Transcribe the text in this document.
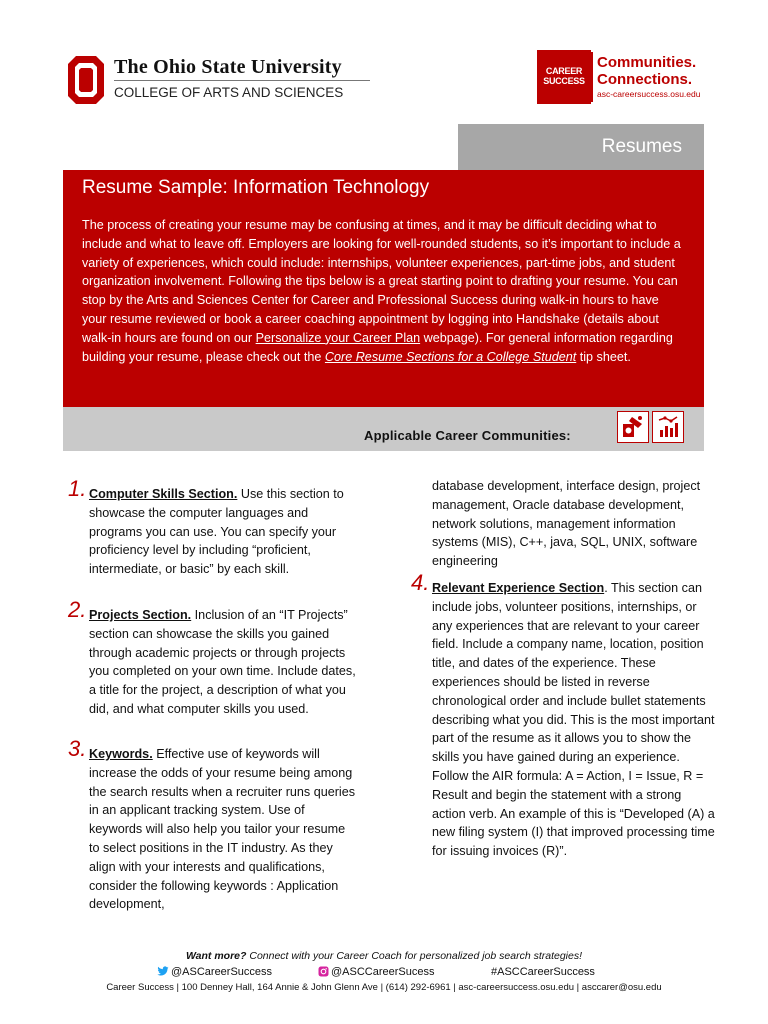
The Ohio State University
COLLEGE OF ARTS AND SCIENCES
CAREER
SUCCESS
Communities.
Connections.
asc-careersuccess.osu.edu
Resumes
Resume Sample: Information Technology
The process of creating your resume may be confusing at times, and it may be difficult deciding what to include and what to leave off. Employers are looking for well-rounded students, so it’s important to include a variety of experiences, which could include: internships, volunteer experiences, part-time jobs, and student organization involvement. Following the tips below is a great starting point to drafting your resume. You can stop by the Arts and Sciences Center for Career and Professional Success during walk-in hours to have your resume reviewed or book a career coaching appointment by logging into Handshake (details about walk-in hours are found on our Personalize your Career Plan webpage). For general information regarding building your resume, please check out the Core Resume Sections for a College Student tip sheet.
Applicable Career Communities:
1. Computer Skills Section. Use this section to showcase the computer languages and programs you can use. You can specify your proficiency level by including “proficient, intermediate, or basic” by each skill.
2. Projects Section. Inclusion of an “IT Projects” section can showcase the skills you gained through academic projects or through projects you completed on your own time. Include dates, a title for the project, a description of what you did, and what computer skills you used.
3. Keywords. Effective use of keywords will increase the odds of your resume being among the search results when a recruiter runs queries in an applicant tracking system. Use of keywords will also help you tailor your resume to select positions in the IT industry. As they align with your interests and qualifications, consider the following keywords : Application development,
database development, interface design, project management, Oracle database development, network solutions, management information systems (MIS), C++, java, SQL, UNIX, software engineering
4. Relevant Experience Section. This section can include jobs, volunteer positions, internships, or any experiences that are relevant to your career field. Include a company name, location, position title, and dates of the experience. These experiences should be listed in reverse chronological order and include bullet statements describing what you did. This is the most important part of the resume as it allows you to show the skills you have gained during an experience. Follow the AIR formula: A = Action, I = Issue, R = Result and begin the statement with a strong action verb. An example of this is “Developed (A) a new filing system (I) that improved processing time for issuing invoices (R)”.
Want more? Connect with your Career Coach for personalized job search strategies!
@ASCareerSuccess	@ASCCareerSucess	#ASCCareerSuccess
Career Success | 100 Denney Hall, 164 Annie & John Glenn Ave | (614) 292-6961 | asc-careersuccess.osu.edu | asccarer@osu.edu
